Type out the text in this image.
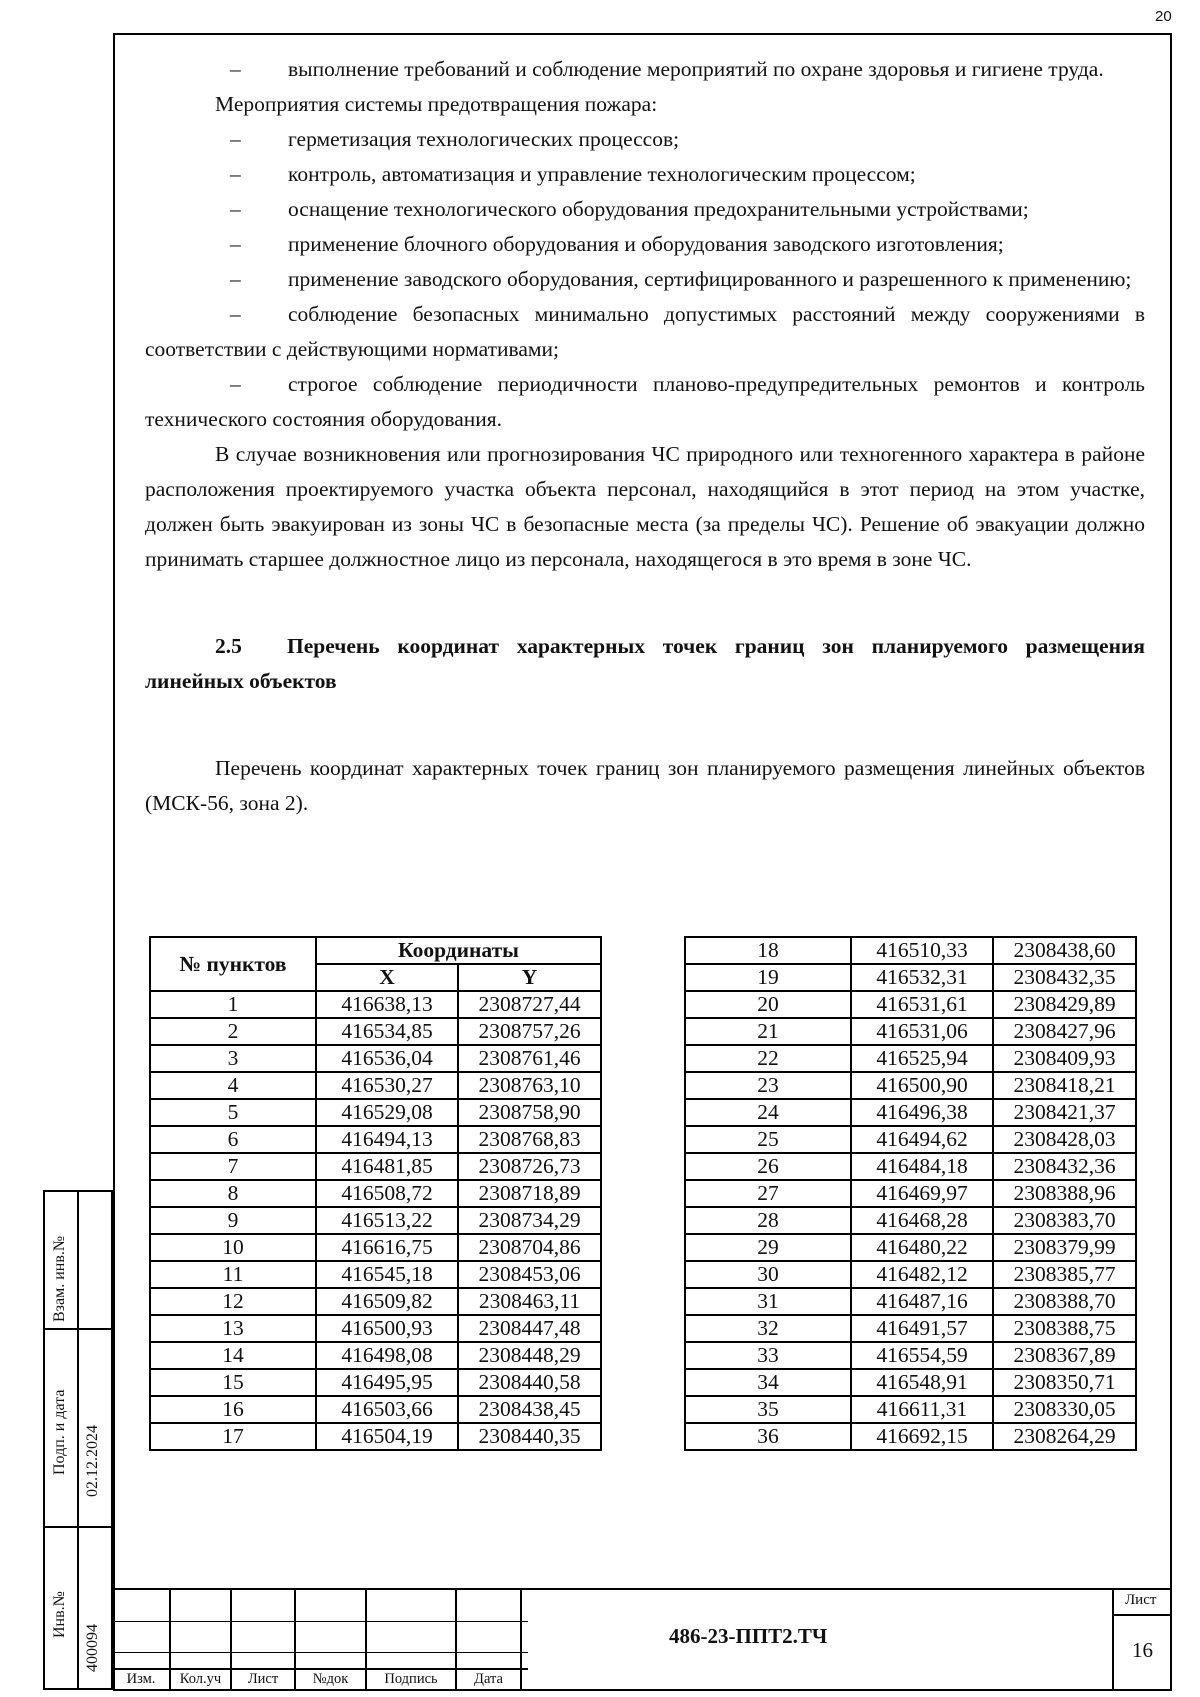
20

– выполнение требований и соблюдение мероприятий по охране здоровья и гигиене труда.

Мероприятия системы предотвращения пожара:

– герметизация технологических процессов;

– контроль, автоматизация и управление технологическим процессом;

– оснащение технологического оборудования предохранительными устройствами;

– применение блочного оборудования и оборудования заводского изготовления;

– применение заводского оборудования, сертифицированного и разрешенного к применению;

– соблюдение безопасных минимально допустимых расстояний между сооружениями в соответствии с действующими нормативами;

– строгое соблюдение периодичности планово-предупредительных ремонтов и контроль технического состояния оборудования.

В случае возникновения или прогнозирования ЧС природного или техногенного характера в районе расположения проектируемого участка объекта персонал, находящийся в этот период на этом участке, должен быть эвакуирован из зоны ЧС в безопасные места (за пределы ЧС). Решение об эвакуации должно принимать старшее должностное лицо из персонала, находящегося в это время в зоне ЧС.

2.5 Перечень координат характерных точек границ зон планируемого размещения линейных объектов

Перечень координат характерных точек границ зон планируемого размещения линейных объектов (МСК-56, зона 2).

№ пунктов	Координаты	
	X	Y
1	416638,13	2308727,44
2	416534,85	2308757,26
3	416536,04	2308761,46
4	416530,27	2308763,10
5	416529,08	2308758,90
6	416494,13	2308768,83
7	416481,85	2308726,73
8	416508,72	2308718,89
9	416513,22	2308734,29
10	416616,75	2308704,86
11	416545,18	2308453,06
12	416509,82	2308463,11
13	416500,93	2308447,48
14	416498,08	2308448,29
15	416495,95	2308440,58
16	416503,66	2308438,45
17	416504,19	2308440,35
18	416510,33	2308438,60
19	416532,31	2308432,35
20	416531,61	2308429,89
21	416531,06	2308427,96
22	416525,94	2308409,93
23	416500,90	2308418,21
24	416496,38	2308421,37
25	416494,62	2308428,03
26	416484,18	2308432,36
27	416469,97	2308388,96
28	416468,28	2308383,70
29	416480,22	2308379,99
30	416482,12	2308385,77
31	416487,16	2308388,70
32	416491,57	2308388,75
33	416554,59	2308367,89
34	416548,91	2308350,71
35	416611,31	2308330,05
36	416692,15	2308264,29
Взам. инв.№
Подп. и дата 02.12.2024
Инв.№
400094
Изм.	Кол.уч	Лист	№док	Подпись	Дата
486-23-ППТ2.ТЧ
Лист
16
